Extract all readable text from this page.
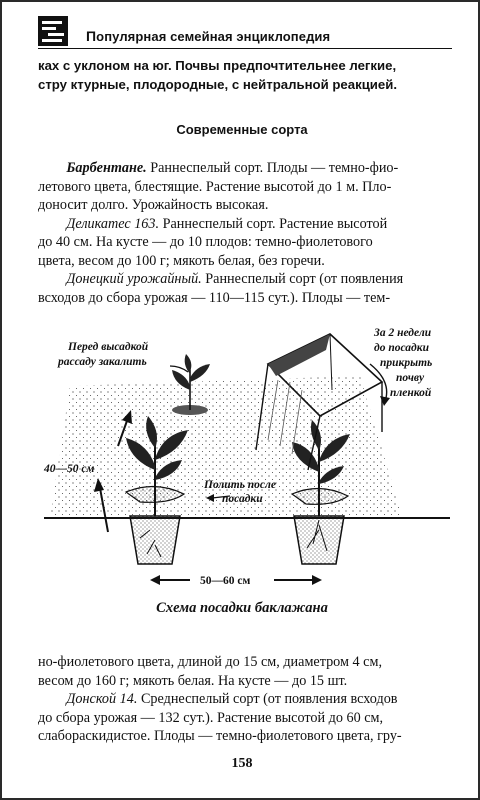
Популярная семейная энциклопедия
ках с уклоном на юг. Почвы предпочтительнее легкие,
стру ктурные, плодородные, с нейтральной реакцией.
Современные сорта
  Барбентане. Раннеспелый сорт. Плоды — темно-фио-
летового цвета, блестящие. Растение высотой до 1 м. Пло-
доносит долго. Урожайность высокая.
  Деликатес 163. Раннеспелый сорт. Растение высотой
до 40 см. На кусте — до 10 плодов: темно-фиолетового
цвета, весом до 100 г; мякоть белая, без горечи.
  Донецкий урожайный. Раннеспелый сорт (от появления
всходов до сбора урожая — 110—115 сут.). Плоды — тем-
Перед высадкой
рассаду закалить
За 2 недели
до посадки
прикрыть
почву
пленкой
40—50 см
Полить после
посадки
50—60 см
Схема посадки баклажана
но-фиолетового цвета, длиной до 15 см, диаметром 4 см,
весом до 160 г; мякоть белая. На кусте — до 15 шт.
  Донской 14. Среднеспелый сорт (от появления всходов
до сбора урожая — 132 сут.). Растение высотой до 60 см,
слабораскидистое. Плоды — темно-фиолетового цвета, гру-
158
